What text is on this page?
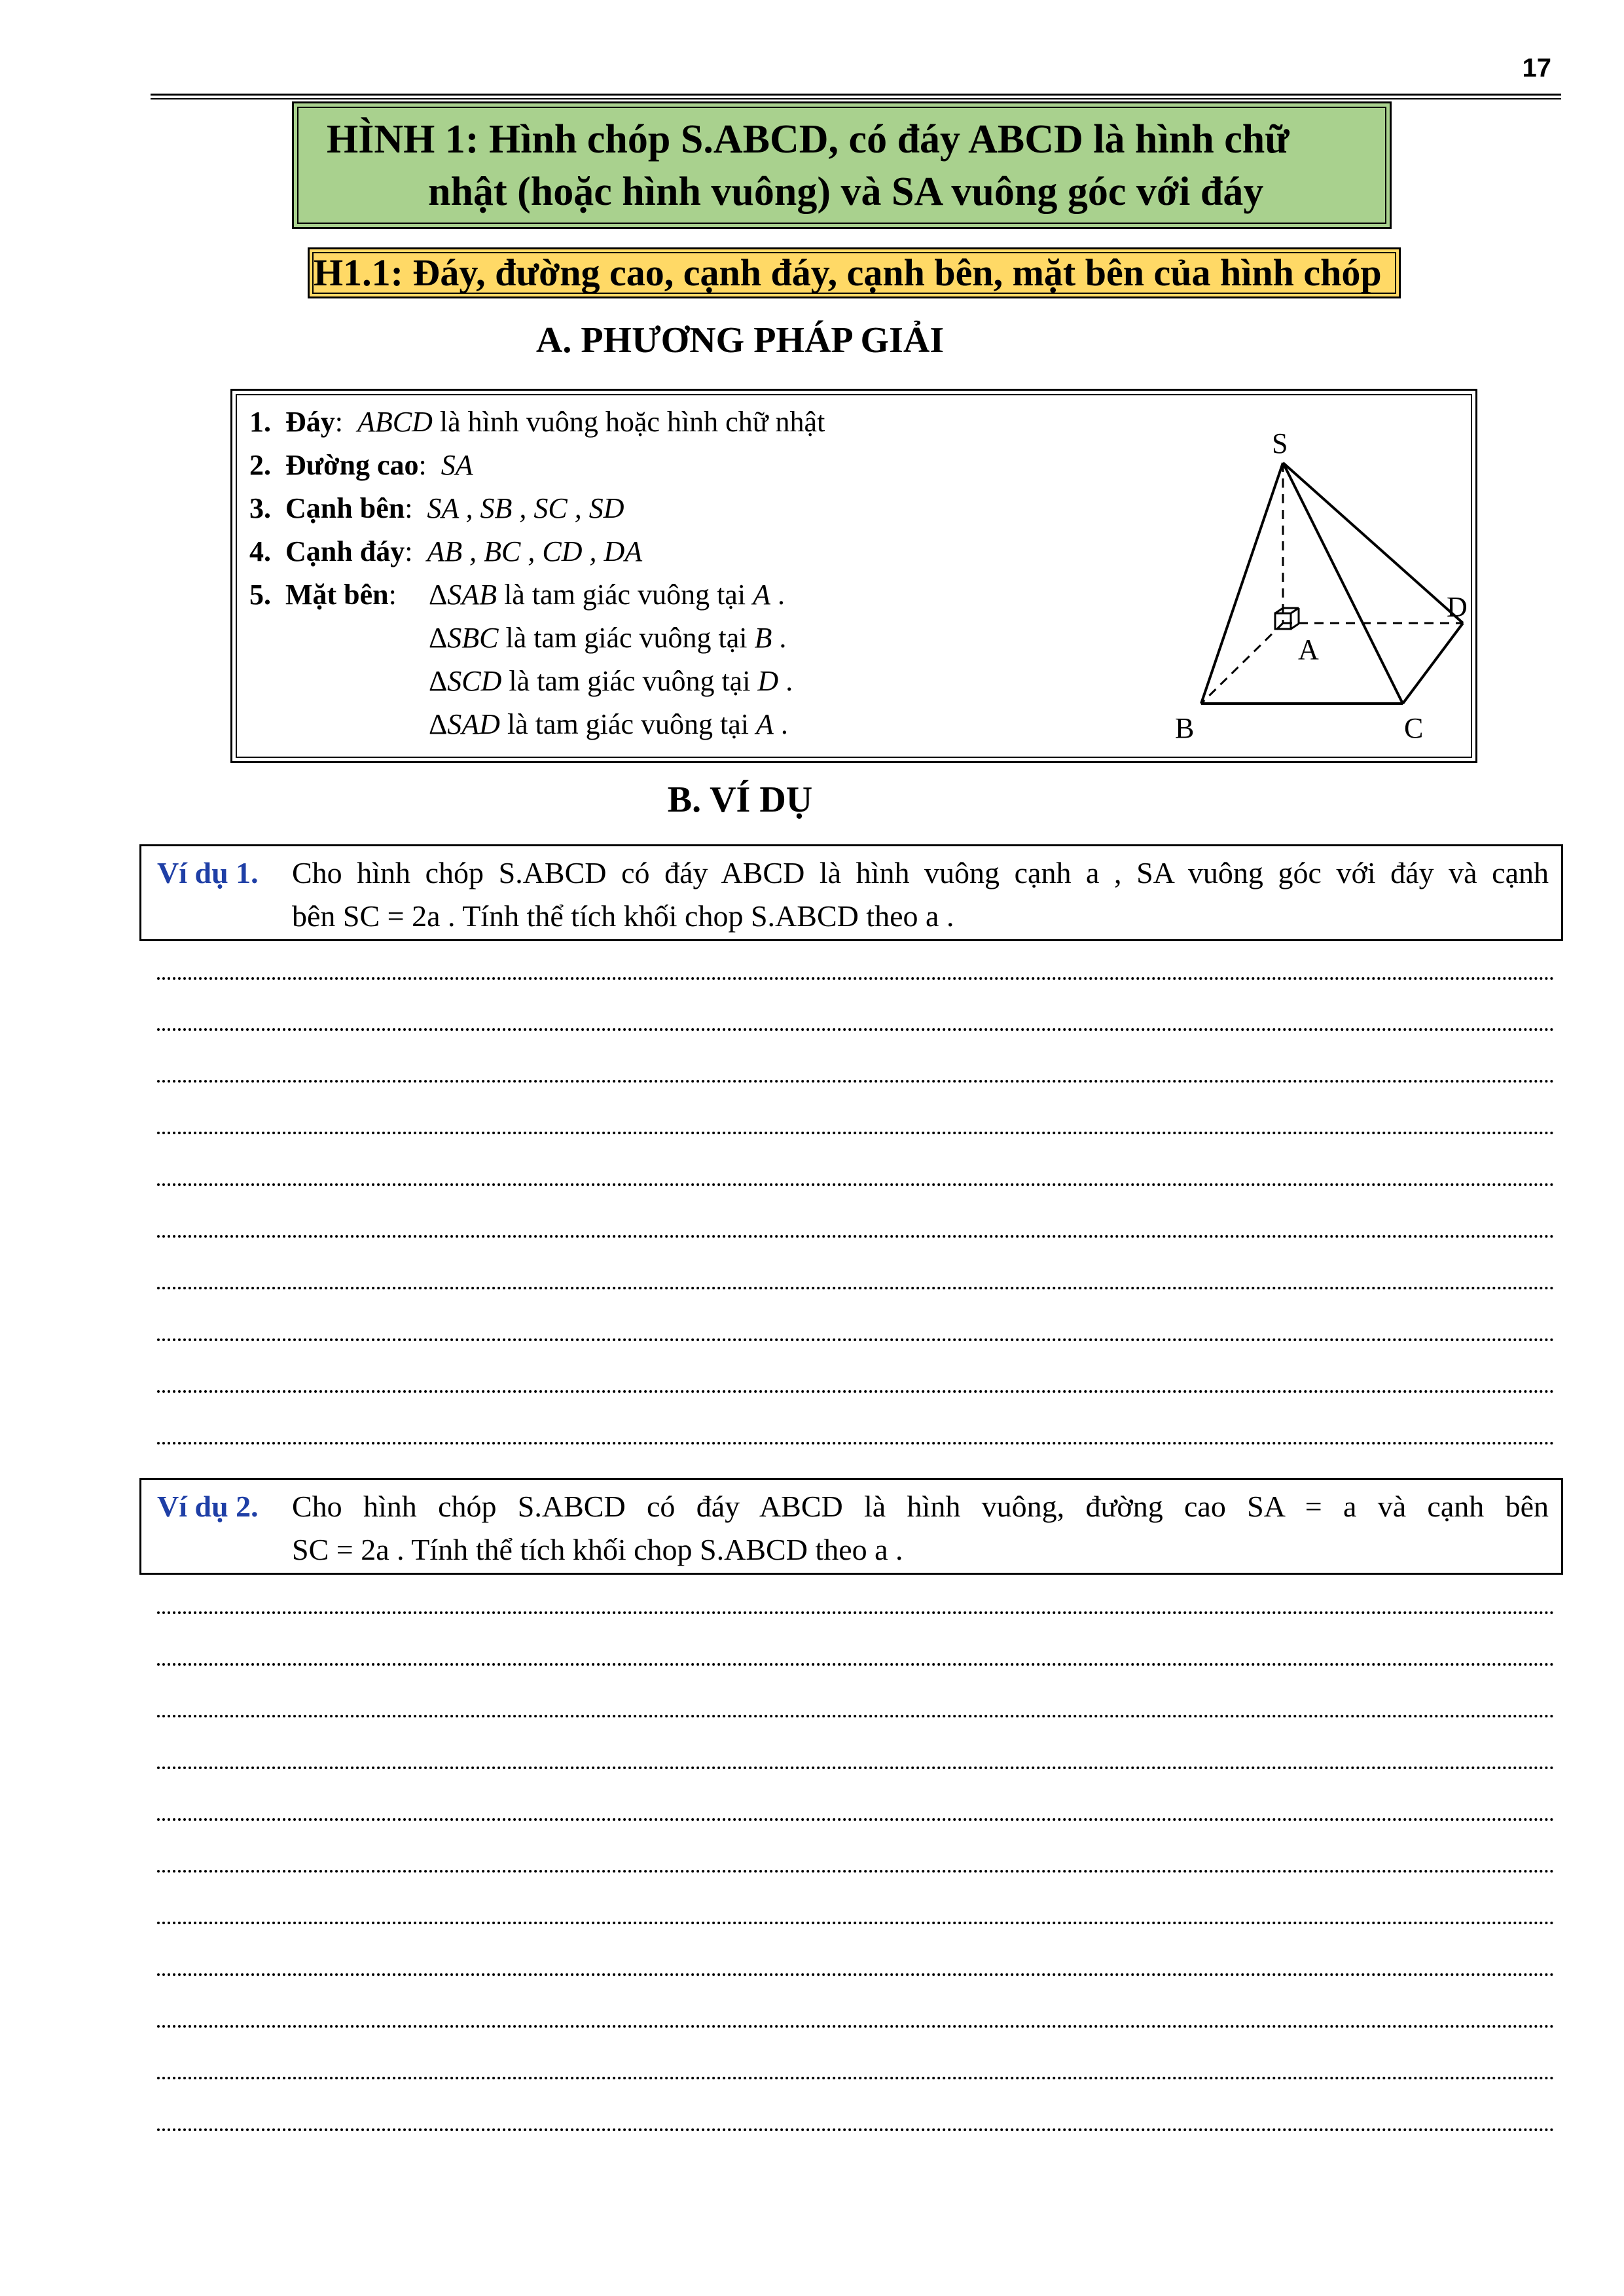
17
HÌNH 1: Hình chóp S.ABCD, có đáy ABCD là hình chữ
nhật (hoặc hình vuông) và SA vuông góc với đáy
H1.1: Đáy, đường cao, cạnh đáy, cạnh bên, mặt bên của hình chóp
A. PHƯƠNG PHÁP GIẢI
1. Đáy: ABCD là hình vuông hoặc hình chữ nhật
2. Đường cao: SA
3. Cạnh bên: SA , SB , SC , SD
4. Cạnh đáy: AB , BC , CD , DA
5. Mặt bên: ΔSAB là tam giác vuông tại A .
ΔSBC là tam giác vuông tại B .
ΔSCD là tam giác vuông tại D .
ΔSAD là tam giác vuông tại A .
S
A
B	C
D
B. VÍ DỤ
Ví dụ 1. Cho hình chóp S.ABCD có đáy ABCD là hình vuông cạnh a , SA vuông góc với đáy và cạnh
bên SC = 2a . Tính thể tích khối chop S.ABCD theo a .
Ví dụ 2. Cho hình chóp S.ABCD có đáy ABCD là hình vuông, đường cao SA = a và cạnh bên
SC = 2a . Tính thể tích khối chop S.ABCD theo a .
